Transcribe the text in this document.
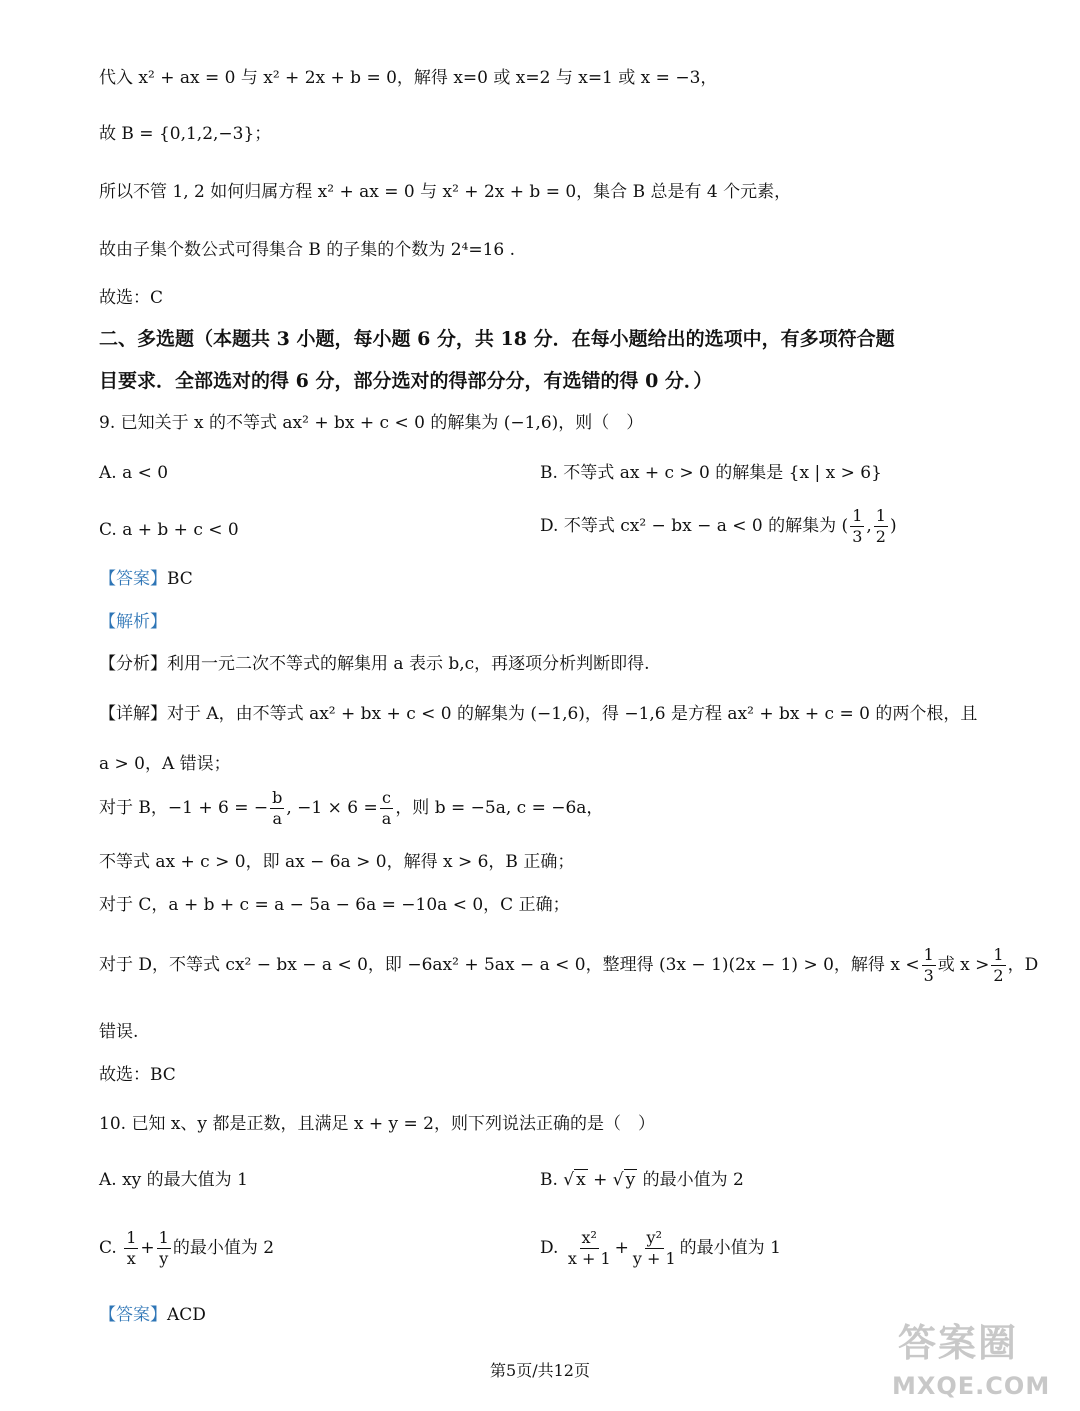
代入 x² + ax = 0 与 x² + 2x + b = 0，解得 x=0 或 x=2 与 x=1 或 x = −3，
故 B = {0,1,2,−3}；
所以不管 1, 2 如何归属方程 x² + ax = 0 与 x² + 2x + b = 0，集合 B 总是有 4 个元素，
故由子集个数公式可得集合 B 的子集的个数为 2⁴=16 .
故选：C
二、多选题（本题共 3 小题，每小题 6 分，共 18 分．在每小题给出的选项中，有多项符合题
目要求．全部选对的得 6 分，部分选对的得部分分，有选错的得 0 分．）
9. 已知关于 x 的不等式 ax² + bx + c < 0 的解集为 (−1,6)，则（　）
A. a < 0	B. 不等式 ax + c > 0 的解集是 {x | x > 6}
C. a + b + c < 0	D. 不等式 cx² − bx − a < 0 的解集为 ( $\frac{1}{3}$ , $\frac{1}{2}$ )
【答案】BC
【解析】
【分析】利用一元二次不等式的解集用 a 表示 b,c，再逐项分析判断即得.
【详解】对于 A，由不等式 ax² + bx + c < 0 的解集为 (−1,6)，得 −1,6 是方程 ax² + bx + c = 0 的两个根，且
a > 0，A 错误；
对于 B，−1 + 6 = − $\frac{b}{a}$ , $-1 \times 6 = \frac{c}{a}$ ，则 b = −5a, c = −6a，
不等式 ax + c > 0，即 ax − 6a > 0，解得 x > 6，B 正确；
对于 C，a + b + c = a − 5a − 6a = −10a < 0，C 正确；
对于 D，不等式 cx² − bx − a < 0，即 −6ax² + 5ax − a < 0，整理得 (3x − 1)(2x − 1) > 0，解得 $x < \frac{1}{3}$ 或 $x > \frac{1}{2}$ ，D
错误.
故选：BC
10. 已知 x、y 都是正数，且满足 x + y = 2，则下列说法正确的是（　）
A. xy 的最大值为 1	B. √ x + √ y 的最小值为 2
C. $\frac{1}{x} + \frac{1}{y}$ 的最小值为 2	D. $\frac{\text{x²}}{x + 1} + \frac{\text{y²}}{y + 1}$ 的最小值为 1
【答案】ACD
第5页/共12页
答案圈
MXQE.COM
